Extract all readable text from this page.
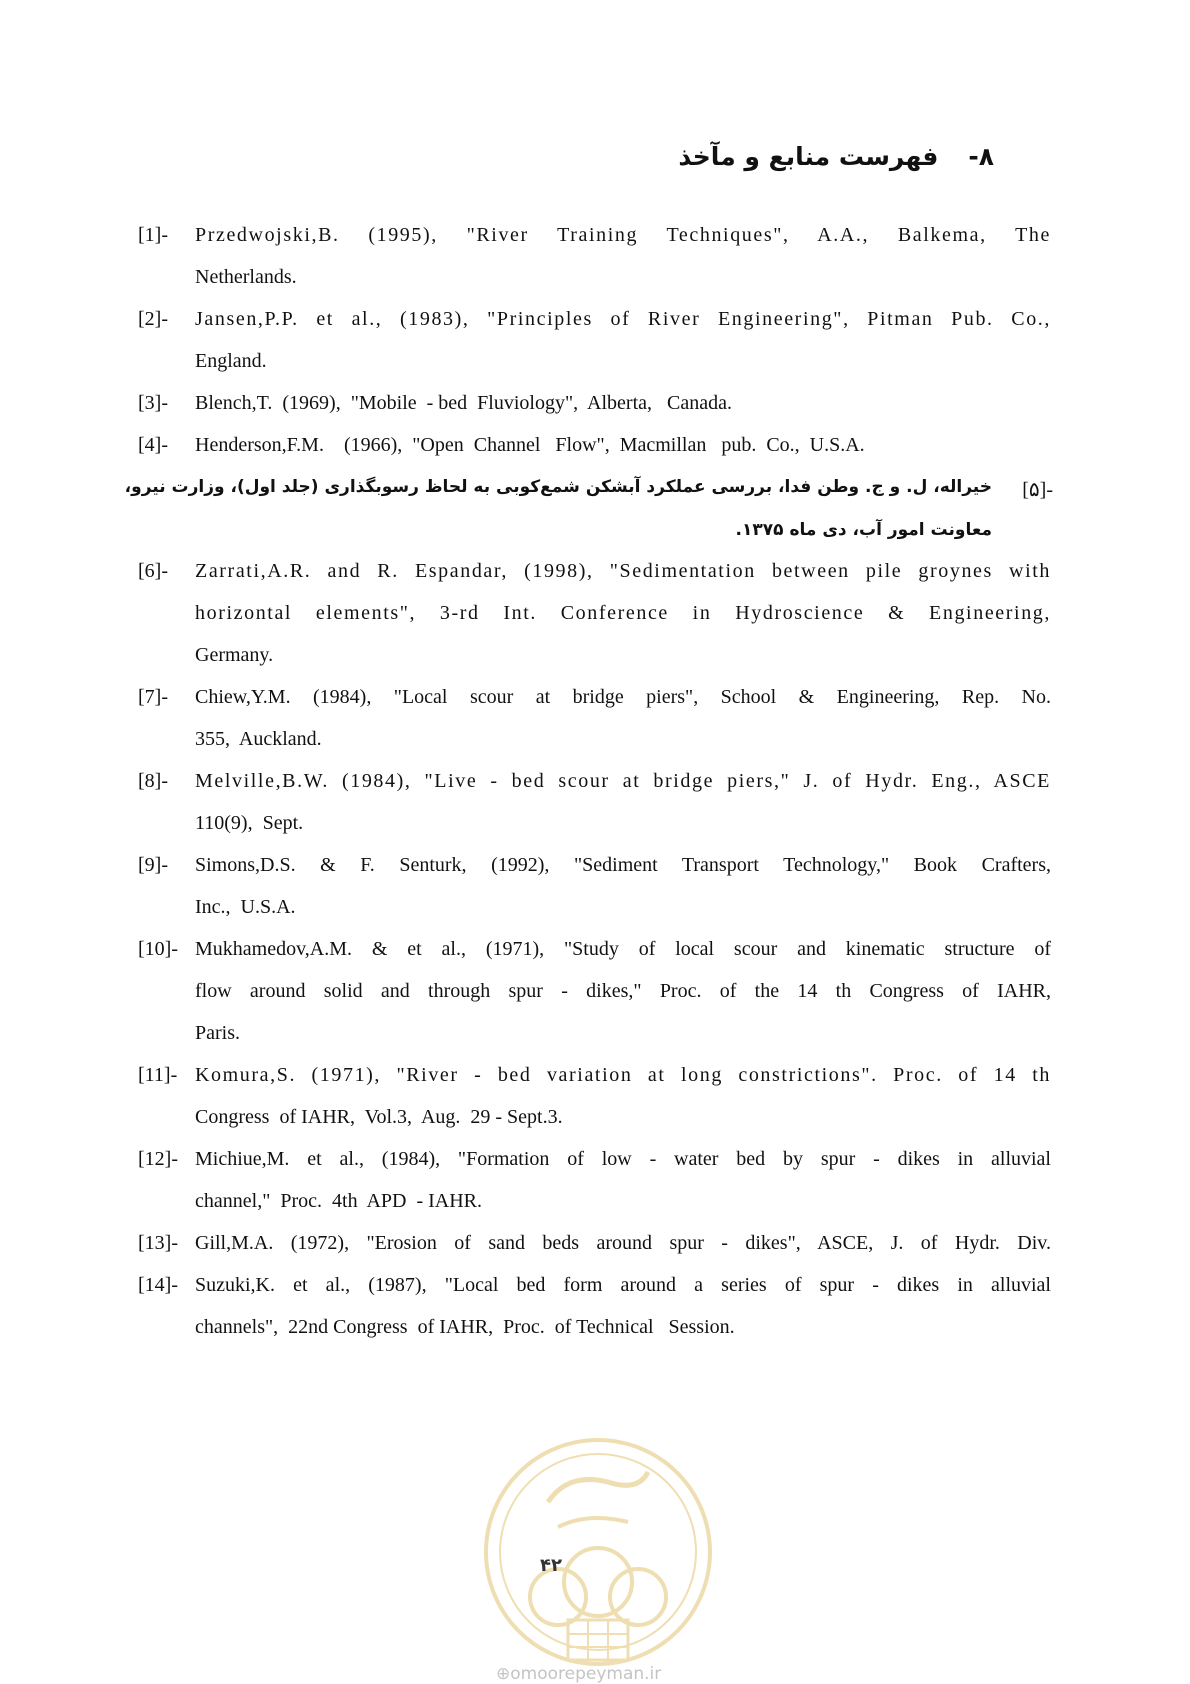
۸-فهرست منابع و مآخذ
[1]- Przedwojski,B. (1995), "River Training Techniques", A.A., Balkema, The
Netherlands.
[2]- Jansen,P.P. et al., (1983), "Principles of River Engineering", Pitman Pub. Co.,
England.
[3]- Blench,T.  (1969),  "Mobile  - bed  Fluviology",  Alberta,   Canada.
[4]- Henderson,F.M.    (1966),  "Open  Channel   Flow",  Macmillan   pub.  Co.,  U.S.A.
[۵]-
خیراله، ل. و ج. وطن فدا، بررسی عملکرد آبشکن شمع‌کوبی به لحاظ رسوبگذاری (جلد اول)، وزارت نیرو،
معاونت امور آب، دی ماه ۱۳۷۵.
[6]- Zarrati,A.R. and R. Espandar, (1998), "Sedimentation between pile groynes with
horizontal elements", 3-rd Int. Conference in Hydroscience & Engineering,
Germany.
[7]- Chiew,Y.M. (1984), "Local scour at bridge piers", School & Engineering, Rep. No.
355,  Auckland.
[8]- Melville,B.W. (1984), "Live - bed scour at bridge piers," J. of Hydr. Eng., ASCE
110(9),  Sept.
[9]- Simons,D.S. & F. Senturk, (1992), "Sediment Transport Technology," Book Crafters,
Inc.,  U.S.A.
[10]- Mukhamedov,A.M. & et al., (1971), "Study of local scour and kinematic structure of
flow around solid and through spur - dikes," Proc. of the 14 th Congress of IAHR,
Paris.
[11]- Komura,S. (1971), "River - bed variation at long constrictions". Proc. of 14 th
Congress  of IAHR,  Vol.3,  Aug.  29 - Sept.3.
[12]- Michiue,M. et al., (1984), "Formation of low - water bed by spur - dikes in alluvial
channel,"  Proc.  4th  APD  - IAHR.
[13]- Gill,M.A. (1972), "Erosion of sand beds around spur - dikes", ASCE, J. of Hydr. Div.
[14]- Suzuki,K. et al., (1987), "Local bed form around a series of spur - dikes in alluvial
channels",  22nd Congress  of IAHR,  Proc.  of Technical   Session.
۴۲
⊕omoorepeyman.ir
